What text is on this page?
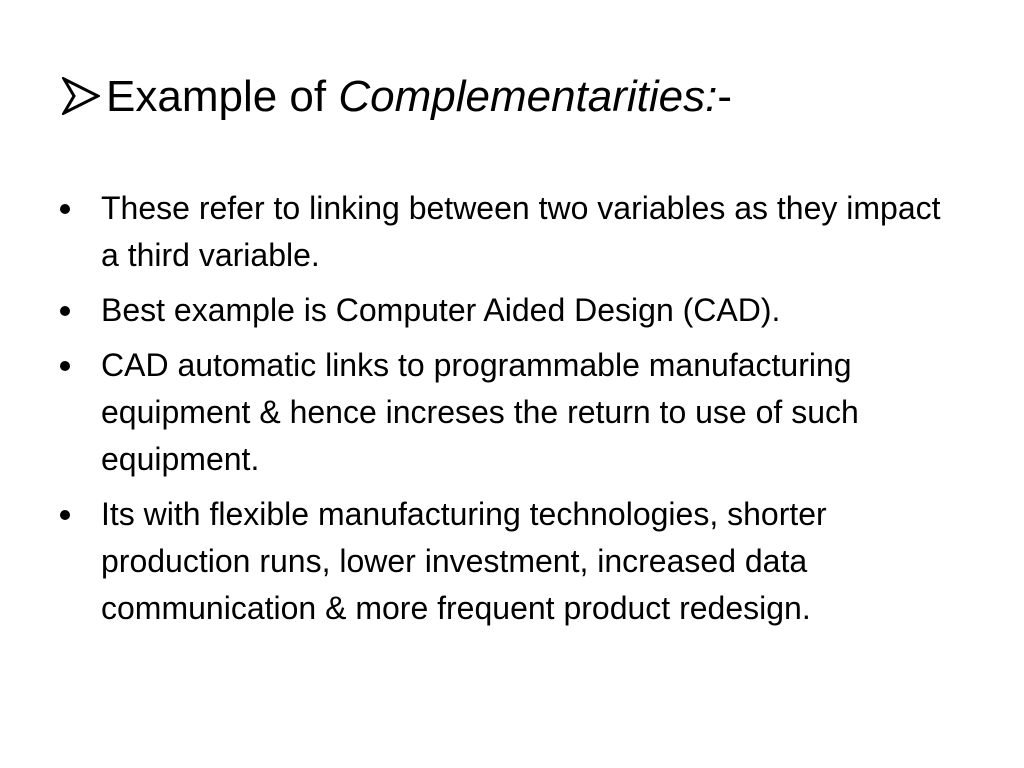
Example of Complementarities:-
These refer to linking between two variables as they impact a third variable.
Best example is Computer Aided Design (CAD).
CAD automatic links to programmable manufacturing equipment & hence increses the return to use of such equipment.
Its with flexible manufacturing technologies, shorter production runs, lower investment, increased data communication & more frequent product redesign.
